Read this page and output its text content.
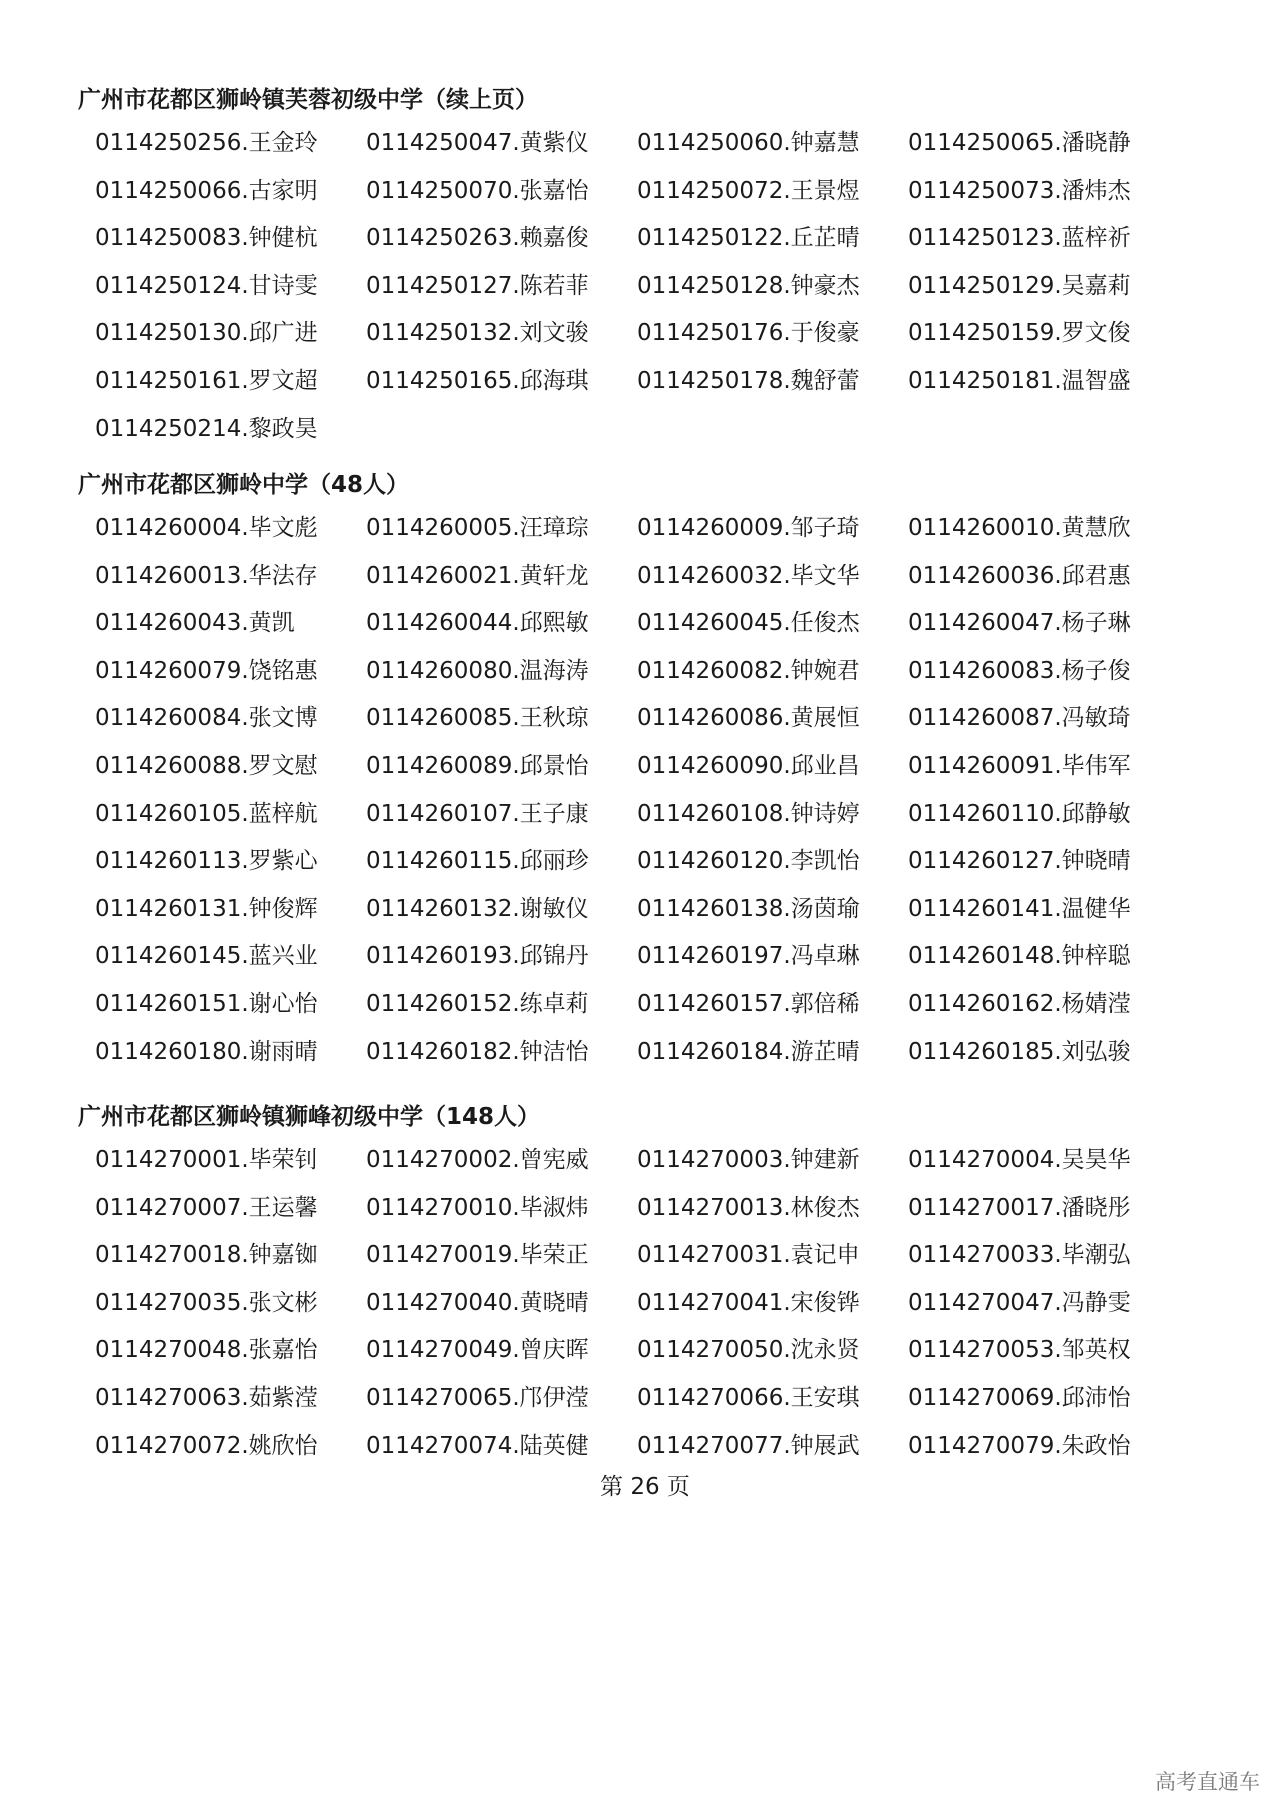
广州市花都区狮岭镇芙蓉初级中学（续上页）
0114250256.王金玲 0114250047.黄紫仪 0114250060.钟嘉慧 0114250065.潘晓静
0114250066.古家明 0114250070.张嘉怡 0114250072.王景煜 0114250073.潘炜杰
0114250083.钟健杭 0114250263.赖嘉俊 0114250122.丘芷晴 0114250123.蓝梓祈
0114250124.甘诗雯 0114250127.陈若菲 0114250128.钟豪杰 0114250129.吴嘉莉
0114250130.邱广进 0114250132.刘文骏 0114250176.于俊豪 0114250159.罗文俊
0114250161.罗文超 0114250165.邱海琪 0114250178.魏舒蕾 0114250181.温智盛
0114250214.黎政昊
广州市花都区狮岭中学（48人）
0114260004.毕文彪 0114260005.汪璋琮 0114260009.邹子琦 0114260010.黄慧欣
0114260013.华法存 0114260021.黄轩龙 0114260032.毕文华 0114260036.邱君惠
0114260043.黄凯	0114260044.邱熙敏 0114260045.任俊杰 0114260047.杨子琳
0114260079.饶铭惠 0114260080.温海涛 0114260082.钟婉君 0114260083.杨子俊
0114260084.张文博 0114260085.王秋琼 0114260086.黄展恒 0114260087.冯敏琦
0114260088.罗文慰 0114260089.邱景怡 0114260090.邱业昌 0114260091.毕伟军
0114260105.蓝梓航 0114260107.王子康 0114260108.钟诗婷 0114260110.邱静敏
0114260113.罗紫心 0114260115.邱丽珍 0114260120.李凯怡 0114260127.钟晓晴
0114260131.钟俊辉 0114260132.谢敏仪 0114260138.汤茵瑜 0114260141.温健华
0114260145.蓝兴业 0114260193.邱锦丹 0114260197.冯卓琳 0114260148.钟梓聪
0114260151.谢心怡 0114260152.练卓莉 0114260157.郭倍稀 0114260162.杨婧滢
0114260180.谢雨晴 0114260182.钟洁怡 0114260184.游芷晴 0114260185.刘弘骏
广州市花都区狮岭镇狮峰初级中学（148人）
0114270001.毕荣钊 0114270002.曾宪威 0114270003.钟建新 0114270004.吴昊华
0114270007.王运馨 0114270010.毕淑炜 0114270013.林俊杰 0114270017.潘晓彤
0114270018.钟嘉铷 0114270019.毕荣正 0114270031.袁记申 0114270033.毕潮弘
0114270035.张文彬 0114270040.黄晓晴 0114270041.宋俊铧 0114270047.冯静雯
0114270048.张嘉怡 0114270049.曾庆晖 0114270050.沈永贤 0114270053.邹英权
0114270063.茹紫滢 0114270065.邝伊滢 0114270066.王安琪 0114270069.邱沛怡
0114270072.姚欣怡 0114270074.陆英健 0114270077.钟展武 0114270079.朱政怡
第 26 页
高考直通车
